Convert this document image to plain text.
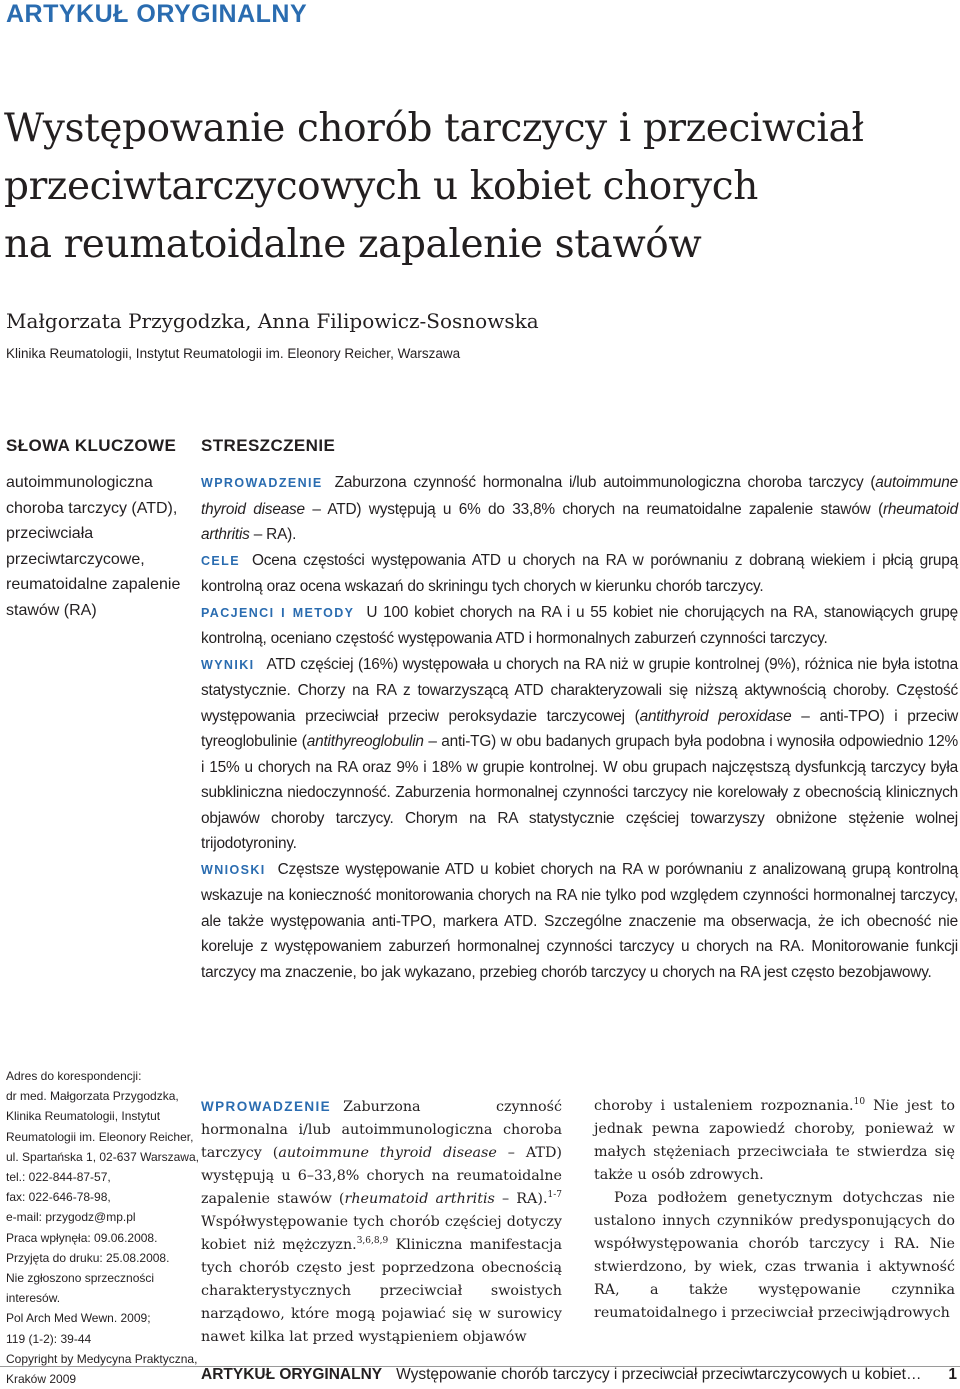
ARTYKUŁ ORYGINALNY
Występowanie chorób tarczycy i przeciwciał
przeciwtarczycowych u kobiet chorych
na reumatoidalne zapalenie stawów
Małgorzata Przygodzka, Anna Filipowicz-Sosnowska
Klinika Reumatologii, Instytut Reumatologii im. Eleonory Reicher, Warszawa
SŁOWA KLUCZOWE
autoimmunologiczna choroba tarczycy (ATD), przeciwciała przeciwtarczycowe, reumatoidalne zapalenie stawów (RA)
STRESZCZENIE

WPROWADZENIE Zaburzona czynność hormonalna i/lub autoimmunologiczna choroba tarczycy (autoimmune thyroid disease – ATD) występują u 6% do 33,8% chorych na reumatoidalne zapalenie stawów (rheumatoid arthritis – RA).

CELE Ocena częstości występowania ATD u chorych na RA w porównaniu z dobraną wiekiem i płcią grupą kontrolną oraz ocena wskazań do skriningu tych chorych w kierunku chorób tarczycy.

PACJENCI I METODY U 100 kobiet chorych na RA i u 55 kobiet nie chorujących na RA, stanowiących grupę kontrolną, oceniano częstość występowania ATD i hormonalnych zaburzeń czynności tarczycy.

WYNIKI ATD częściej (16%) występowała u chorych na RA niż w grupie kontrolnej (9%), różnica nie była istotna statystycznie. Chorzy na RA z towarzyszącą ATD charakteryzowali się niższą aktywnością choroby. Częstość występowania przeciwciał przeciw peroksydazie tarczycowej (antithyroid peroxidase – anti-TPO) i przeciw tyreoglobulinie (antithyreoglobulin – anti-TG) w obu badanych grupach była podobna i wynosiła odpowiednio 12% i 15% u chorych na RA oraz 9% i 18% w grupie kontrolnej. W obu grupach najczęstszą dysfunkcją tarczycy była subkliniczna niedoczynność. Zaburzenia hormonalnej czynności tarczycy nie korelowały z obecnością klinicznych objawów choroby tarczycy. Chorym na RA statystycznie częściej towarzyszy obniżone stężenie wolnej trijodotyroniny.

WNIOSKI Częstsze występowanie ATD u kobiet chorych na RA w porównaniu z analizowaną grupą kontrolną wskazuje na konieczność monitorowania chorych na RA nie tylko pod względem czynności hormonalnej tarczycy, ale także występowania anti-TPO, markera ATD. Szczególne znaczenie ma obserwacja, że ich obecność nie koreluje z występowaniem zaburzeń hormonalnej czynności tarczycy u chorych na RA. Monitorowanie funkcji tarczycy ma znaczenie, bo jak wykazano, przebieg chorób tarczycy u chorych na RA jest często bezobjawowy.

Adres do korespondencji:
dr med. Małgorzata Przygodzka,
Klinika Reumatologii, Instytut
Reumatologii im. Eleonory Reicher,
ul. Spartańska 1, 02-637 Warszawa,
tel.: 022-844-87-57,
fax: 022-646-78-98,
e-mail: przygodz@mp.pl
Praca wpłynęła: 09.06.2008.
Przyjęta do druku: 25.08.2008.
Nie zgłoszono sprzeczności
interesów.
Pol Arch Med Wewn. 2009;
119 (1-2): 39-44
Copyright by Medycyna Praktyczna,
Kraków 2009
WPROWADZENIE Zaburzona czynność hormonalna i/lub autoimmunologiczna choroba tarczycy (autoimmune thyroid disease – ATD) występują u 6–33,8% chorych na reumatoidalne zapalenie stawów (rheumatoid arthritis – RA).$^{1-7}$ Współwystępowanie tych chorób częściej dotyczy kobiet niż mężczyzn.$^{3,6,8,9}$ Kliniczna manifestacja tych chorób często jest poprzedzona obecnością charakterystycznych przeciwciał swoistych narządowo, które mogą pojawiać się w surowicy nawet kilka lat przed wystąpieniem objawów

choroby i ustaleniem rozpoznania.$^{10}$ Nie jest to jednak pewna zapowiedź choroby, ponieważ w małych stężeniach przeciwciała te stwierdza się także u osób zdrowych.

Poza podłożem genetycznym dotychczas nie ustalono innych czynników predysponujących do współwystępowania chorób tarczycy i RA. Nie stwierdzono, by wiek, czas trwania i aktywność RA, a także występowanie czynnika reumatoidalnego i przeciwciał przeciwjądrowych

ARTYKUŁ ORYGINALNY Występowanie chorób tarczycy i przeciwciał przeciwtarczycowych u kobiet… 1
